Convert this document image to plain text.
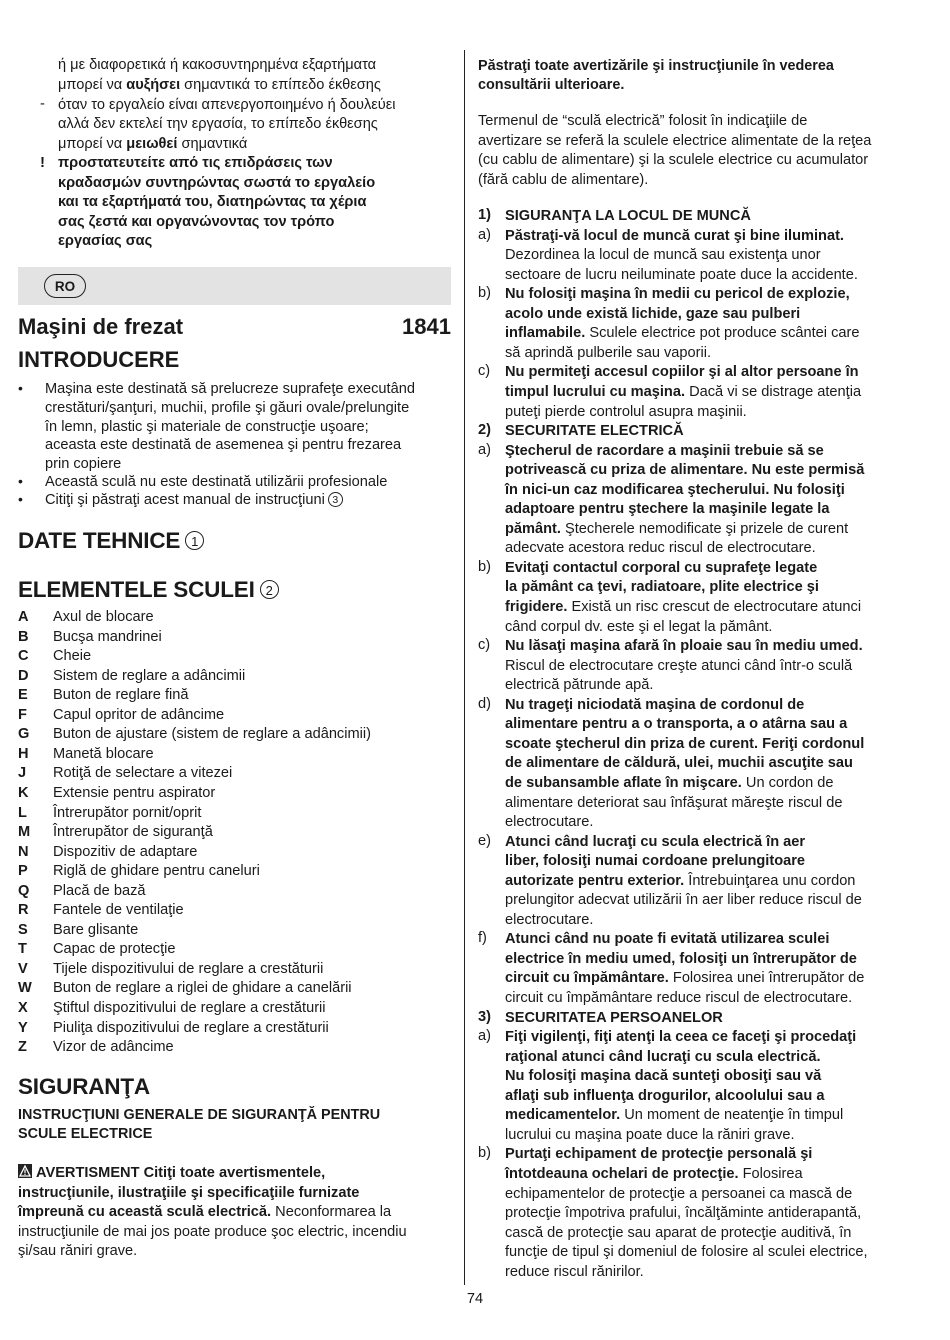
ή με διαφορετικά ή κακοσυντηρημένα εξαρτήματα
μπορεί να αυξήσει σημαντικά το επίπεδο έκθεσης
όταν το εργαλείο είναι απενεργοποιημένο ή δουλεύει
αλλά δεν εκτελεί την εργασία, το επίπεδο έκθεσης
μπορεί να μειωθεί σημαντικά
προστατευτείτε από τις επιδράσεις των
κραδασμών συντηρώντας σωστά το εργαλείο
και τα εξαρτήματά του, διατηρώντας τα χέρια
σας ζεστά και οργανώνοντας τον τρόπο
εργασίας σας
-
!
RO
Maşini de frezat	1841
INTRODUCERE
• Maşina este destinată să prelucreze suprafeţe executând
crestături/şanţuri, muchii, profile şi găuri ovale/prelungite
în lemn, plastic şi materiale de construcţie uşoare;
aceasta este destinată de asemenea şi pentru frezarea
prin copiere
• Această sculă nu este destinată utilizării profesionale
• Citiţi şi păstraţi acest manual de instrucţiuni 3
DATE TEHNICE 1
ELEMENTELE SCULEI 2
A Axul de blocare
B Bucşa mandrinei
C Cheie
D Sistem de reglare a adâncimii
E Buton de reglare fină
F Capul opritor de adâncime
G Buton de ajustare (sistem de reglare a adâncimii)
H Manetă blocare
J Rotiţă de selectare a vitezei
K Extensie pentru aspirator
L Întrerupător pornit/oprit
M Întrerupător de siguranţă
N Dispozitiv de adaptare
P Riglă de ghidare pentru caneluri
Q Placă de bază
R Fantele de ventilaţie
S Bare glisante
T Capac de protecţie
V Tijele dispozitivului de reglare a crestăturii
W Buton de reglare a riglei de ghidare a canelării
X Ştiftul dispozitivului de reglare a crestăturii
Y Piuliţa dispozitivului de reglare a crestăturii
Z Vizor de adâncime
SIGURANŢA
INSTRUCŢIUNI GENERALE DE SIGURANŢĂ PENTRU
SCULE ELECTRICE
AVERTISMENT Citiţi toate avertismentele,
instrucţiunile, ilustraţiile şi specificaţiile furnizate
împreună cu această sculă electrică. Neconformarea la
instrucţiunile de mai jos poate produce şoc electric, incendiu
şi/sau răniri grave.
Păstraţi toate avertizările şi instrucţiunile în vederea
consultării ulterioare.
Termenul de “sculă electrică” folosit în indicaţiile de
avertizare se referă la sculele electrice alimentate de la reţea
(cu cablu de alimentare) şi la sculele electrice cu acumulator
(fără cablu de alimentare).
1) SIGURANŢA LA LOCUL DE MUNCĂ
a) Păstraţi-vă locul de muncă curat şi bine iluminat.
Dezordinea la locul de muncă sau existenţa unor
sectoare de lucru neiluminate poate duce la accidente.
b) Nu folosiţi maşina în medii cu pericol de explozie,
acolo unde există lichide, gaze sau pulberi
inflamabile. Sculele electrice pot produce scântei care
să aprindă pulberile sau vaporii.
c) Nu permiteţi accesul copiilor şi al altor persoane în
timpul lucrului cu maşina. Dacă vi se distrage atenţia
puteţi pierde controlul asupra maşinii.
2) SECURITATE ELECTRICĂ
a) Ştecherul de racordare a maşinii trebuie să se
potrivească cu priza de alimentare. Nu este permisă
în nici-un caz modificarea ştecherului. Nu folosiţi
adaptoare pentru ştechere la maşinile legate la
pământ. Ştecherele nemodificate şi prizele de curent
adecvate acestora reduc riscul de electrocutare.
b) Evitaţi contactul corporal cu suprafeţe legate
la pământ ca ţevi, radiatoare, plite electrice şi
frigidere. Există un risc crescut de electrocutare atunci
când corpul dv. este şi el legat la pământ.
c) Nu lăsaţi maşina afară în ploaie sau în mediu umed.
Riscul de electrocutare creşte atunci când într-o sculă
electrică pătrunde apă.
d) Nu trageţi niciodată maşina de cordonul de
alimentare pentru a o transporta, a o atârna sau a
scoate ştecherul din priza de curent. Feriţi cordonul
de alimentare de căldură, ulei, muchii ascuţite sau
de subansamble aflate în mişcare. Un cordon de
alimentare deteriorat sau înfăşurat măreşte riscul de
electrocutare.
e) Atunci când lucraţi cu scula electrică în aer
liber, folosiţi numai cordoane prelungitoare
autorizate pentru exterior. Întrebuinţarea unu cordon
prelungitor adecvat utilizării în aer liber reduce riscul de
electrocutare.
f) Atunci când nu poate fi evitată utilizarea sculei
electrice în mediu umed, folosiţi un întrerupător de
circuit cu împământare. Folosirea unei întrerupător de
circuit cu împământare reduce riscul de electrocutare.
3) SECURITATEA PERSOANELOR
a) Fiţi vigilenţi, fiţi atenţi la ceea ce faceţi şi procedaţi
raţional atunci când lucraţi cu scula electrică.
Nu folosiţi maşina dacă sunteţi obosiţi sau vă
aflaţi sub influenţa drogurilor, alcoolului sau a
medicamentelor. Un moment de neatenţie în timpul
lucrului cu maşina poate duce la răniri grave.
b) Purtaţi echipament de protecţie personală şi
întotdeauna ochelari de protecţie. Folosirea
echipamentelor de protecţie a persoanei ca mască de
protecţie împotriva prafului, încălţăminte antiderapantă,
cască de protecţie sau aparat de protecţie auditivă, în
funcţie de tipul şi domeniul de folosire al sculei electrice,
reduce riscul rănirilor.
74
